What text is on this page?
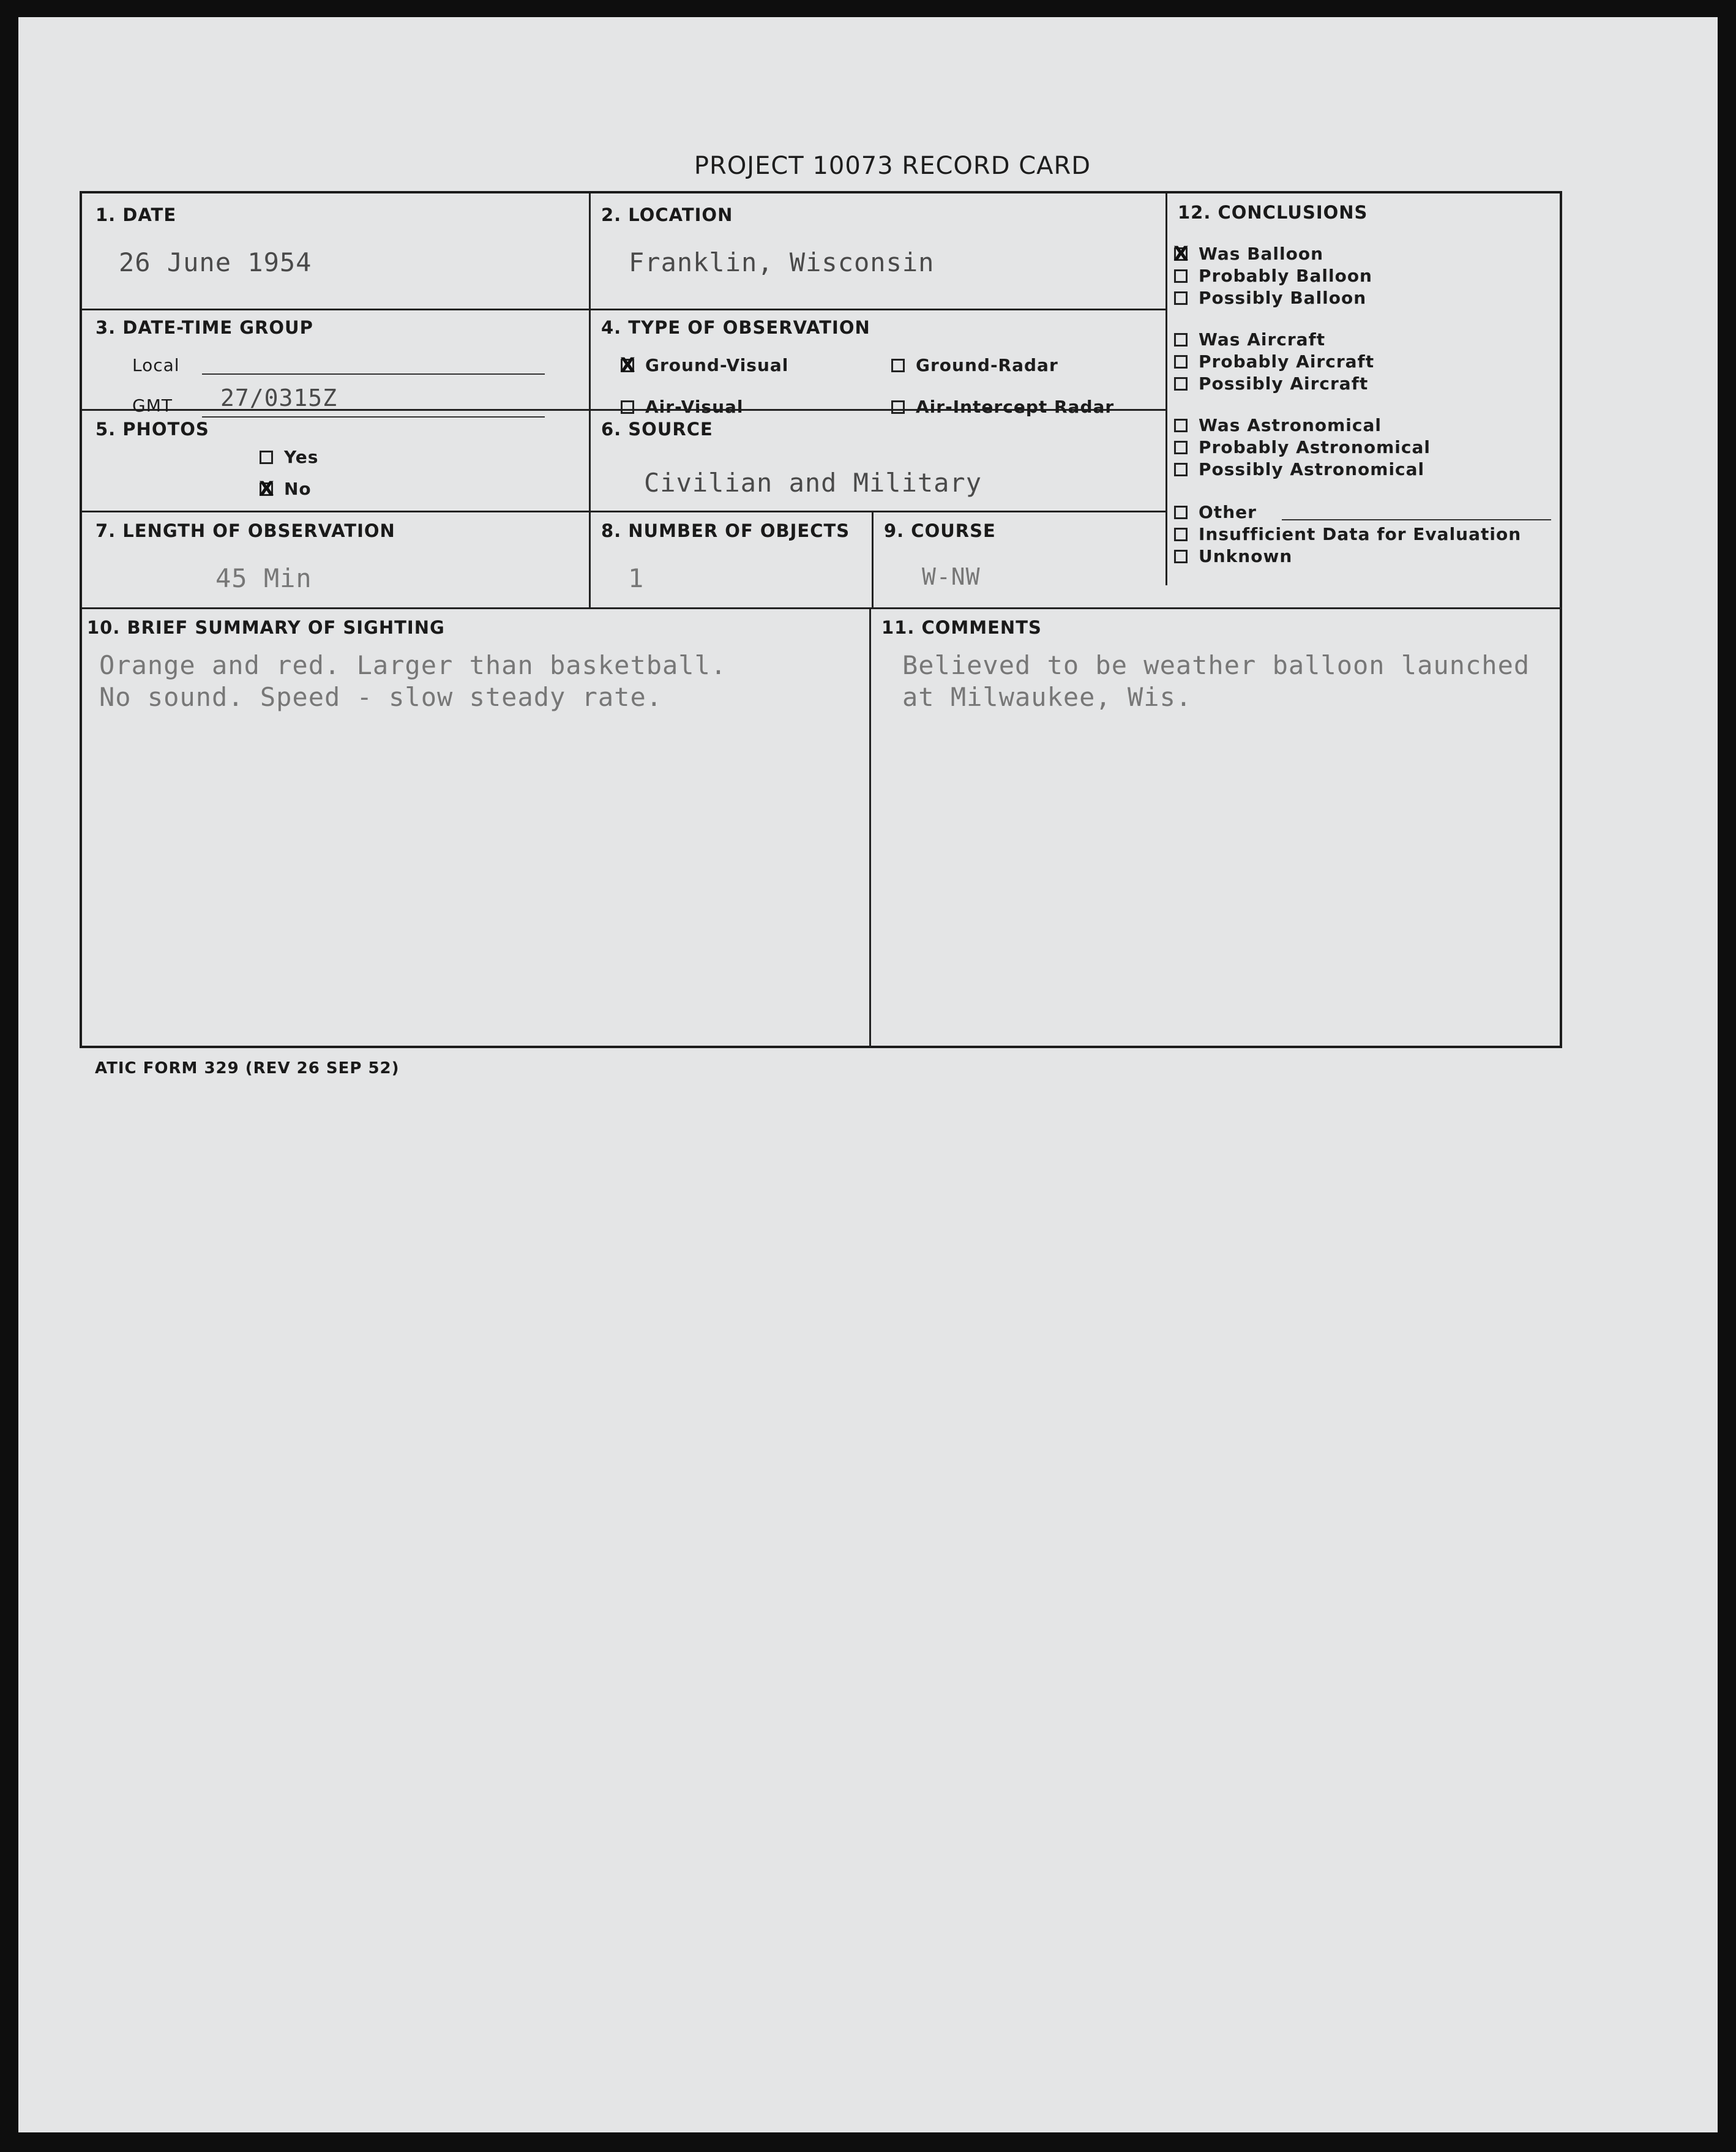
PROJECT 10073 RECORD CARD
1. DATE
26 June 1954
2. LOCATION
Franklin, Wisconsin
3. DATE-TIME GROUP
Local
GMT 27/0315Z
4. TYPE OF OBSERVATION
XGround-Visual	Ground-Radar
Air-Visual	Air-Intercept Radar
5. PHOTOS
Yes
XNo
6. SOURCE
Civilian and Military
7. LENGTH OF OBSERVATION
45 Min
8. NUMBER OF OBJECTS
1
9. COURSE
W-NW
10. BRIEF SUMMARY OF SIGHTING
Orange and red. Larger than basketball.
No sound. Speed - slow steady rate.
11. COMMENTS
Believed to be weather balloon launched
at Milwaukee, Wis.
12. CONCLUSIONS
XWas Balloon
Probably Balloon
Possibly Balloon
Was Aircraft
Probably Aircraft
Possibly Aircraft
Was Astronomical
Probably Astronomical
Possibly Astronomical
Other
Insufficient Data for Evaluation
Unknown
ATIC FORM 329 (REV 26 SEP 52)
